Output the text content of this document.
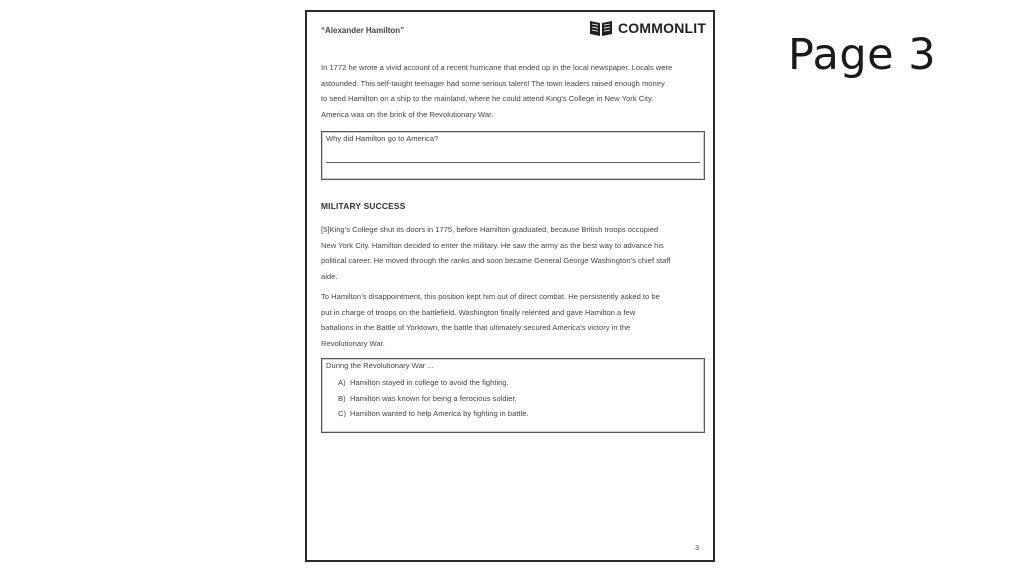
Page 3
“Alexander Hamilton”	COMMONLIT
In 1772 he wrote a vivid account of a recent hurricane that ended up in the local newspaper. Locals were
astounded. This self-taught teenager had some serious talent! The town leaders raised enough money
to send Hamilton on a ship to the mainland, where he could attend King’s College in New York City.
America was on the brink of the Revolutionary War.
Why did Hamilton go to America?
MILITARY SUCCESS
[5]King’s College shut its doors in 1775, before Hamilton graduated, because British troops occupied
New York City. Hamilton decided to enter the military. He saw the army as the best way to advance his
political career. He moved through the ranks and soon became General George Washington’s chief staff
aide.
To Hamilton’s disappointment, this position kept him out of direct combat. He persistently asked to be
put in charge of troops on the battlefield. Washington finally relented and gave Hamilton a few
battalions in the Battle of Yorktown, the battle that ultimately secured America’s victory in the
Revolutionary War.
During the Revolutionary War ...
A) Hamilton stayed in college to avoid the fighting.
B) Hamilton was known for being a ferocious soldier.
C) Hamilton wanted to help America by fighting in battle.
3
